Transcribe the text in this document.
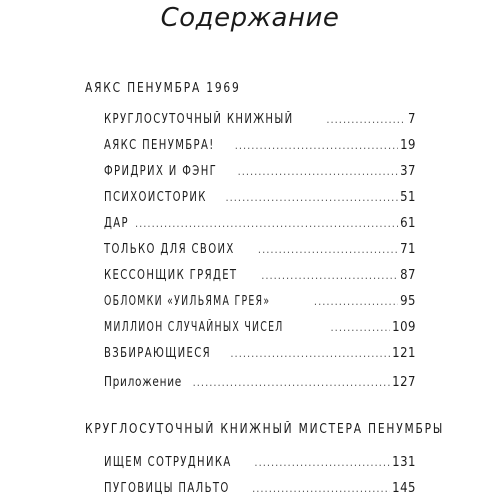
Содержание
АЯКС ПЕНУМБРА 1969
КРУГЛОСУТОЧНЫЙ КНИЖНЫЙ .....	7
АЯКС ПЕНУМБРА! .....	19
ФРИДРИХ И ФЭНГ .....	37
ПСИХОИСТОРИК .....	51
ДАР .....	61
ТОЛЬКО ДЛЯ СВОИХ .....	71
КЕССОНЩИК ГРЯДЕТ .....	87
ОБЛОМКИ «УИЛЬЯМА ГРЕЯ» .....	95
МИЛЛИОН СЛУЧАЙНЫХ ЧИСЕЛ .....	109
ВЗБИРАЮЩИЕСЯ .....	121
Приложение .....	127
КРУГЛОСУТОЧНЫЙ КНИЖНЫЙ МИСТЕРА ПЕНУМБРЫ
ИЩЕМ СОТРУДНИКА .....	131
ПУГОВИЦЫ ПАЛЬТО .....	145
